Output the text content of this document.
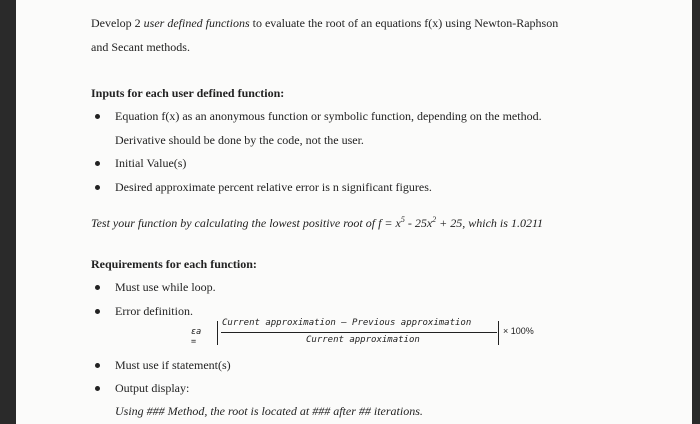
Develop 2 user defined functions to evaluate the root of an equations f(x) using Newton-Raphson
and Secant methods.
Inputs for each user defined function:
Equation f(x) as an anonymous function or symbolic function, depending on the method.
Derivative should be done by the code, not the user.
Initial Value(s)
Desired approximate percent relative error is n significant figures.
Test your function by calculating the lowest positive root of $f = x^5 - 25x^2 + 25$, which is 1.0211
Requirements for each function:
Must use while loop.
Error definition.
εa =
Current approximation – Previous approximation
Current approximation
× 100%
Must use if statement(s)
Output display:
Using ### Method, the root is located at ### after ## iterations.
